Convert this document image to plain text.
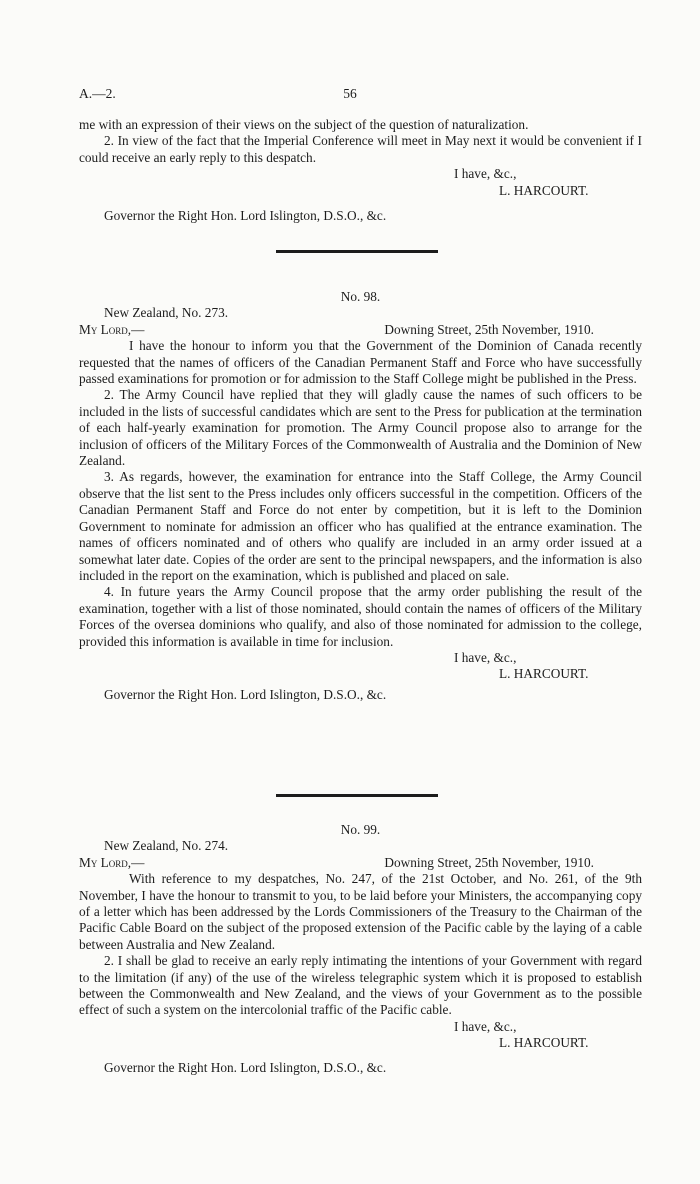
A.—2.	56

me with an expression of their views on the subject of the question of naturalization.

2. In view of the fact that the Imperial Conference will meet in May next it would be convenient if I could receive an early reply to this despatch.

I have, &c.,

L. HARCOURT.

Governor the Right Hon. Lord Islington, D.S.O., &c.

No. 98.

New Zealand, No. 273.

My Lord,—	Downing Street, 25th November, 1910.

I have the honour to inform you that the Government of the Dominion of Canada recently requested that the names of officers of the Canadian Permanent Staff and Force who have successfully passed examinations for promotion or for admission to the Staff College might be published in the Press.

2. The Army Council have replied that they will gladly cause the names of such officers to be included in the lists of successful candidates which are sent to the Press for publication at the termination of each half-yearly examination for promotion. The Army Council propose also to arrange for the inclusion of officers of the Military Forces of the Commonwealth of Australia and the Dominion of New Zealand.

3. As regards, however, the examination for entrance into the Staff College, the Army Council observe that the list sent to the Press includes only officers successful in the competition. Officers of the Canadian Permanent Staff and Force do not enter by competition, but it is left to the Dominion Government to nominate for admission an officer who has qualified at the entrance examination. The names of officers nominated and of others who qualify are included in an army order issued at a somewhat later date. Copies of the order are sent to the principal newspapers, and the information is also included in the report on the examination, which is published and placed on sale.

4. In future years the Army Council propose that the army order publishing the result of the examination, together with a list of those nominated, should contain the names of officers of the Military Forces of the oversea dominions who qualify, and also of those nominated for admission to the college, provided this information is available in time for inclusion.

I have, &c.,

L. HARCOURT.

Governor the Right Hon. Lord Islington, D.S.O., &c.

No. 99.

New Zealand, No. 274.

My Lord,—	Downing Street, 25th November, 1910.

With reference to my despatches, No. 247, of the 21st October, and No. 261, of the 9th November, I have the honour to transmit to you, to be laid before your Ministers, the accompanying copy of a letter which has been addressed by the Lords Commissioners of the Treasury to the Chairman of the Pacific Cable Board on the subject of the proposed extension of the Pacific cable by the laying of a cable between Australia and New Zealand.

2. I shall be glad to receive an early reply intimating the intentions of your Government with regard to the limitation (if any) of the use of the wireless telegraphic system which it is proposed to establish between the Commonwealth and New Zealand, and the views of your Government as to the possible effect of such a system on the intercolonial traffic of the Pacific cable.

I have, &c.,

L. HARCOURT.

Governor the Right Hon. Lord Islington, D.S.O., &c.
